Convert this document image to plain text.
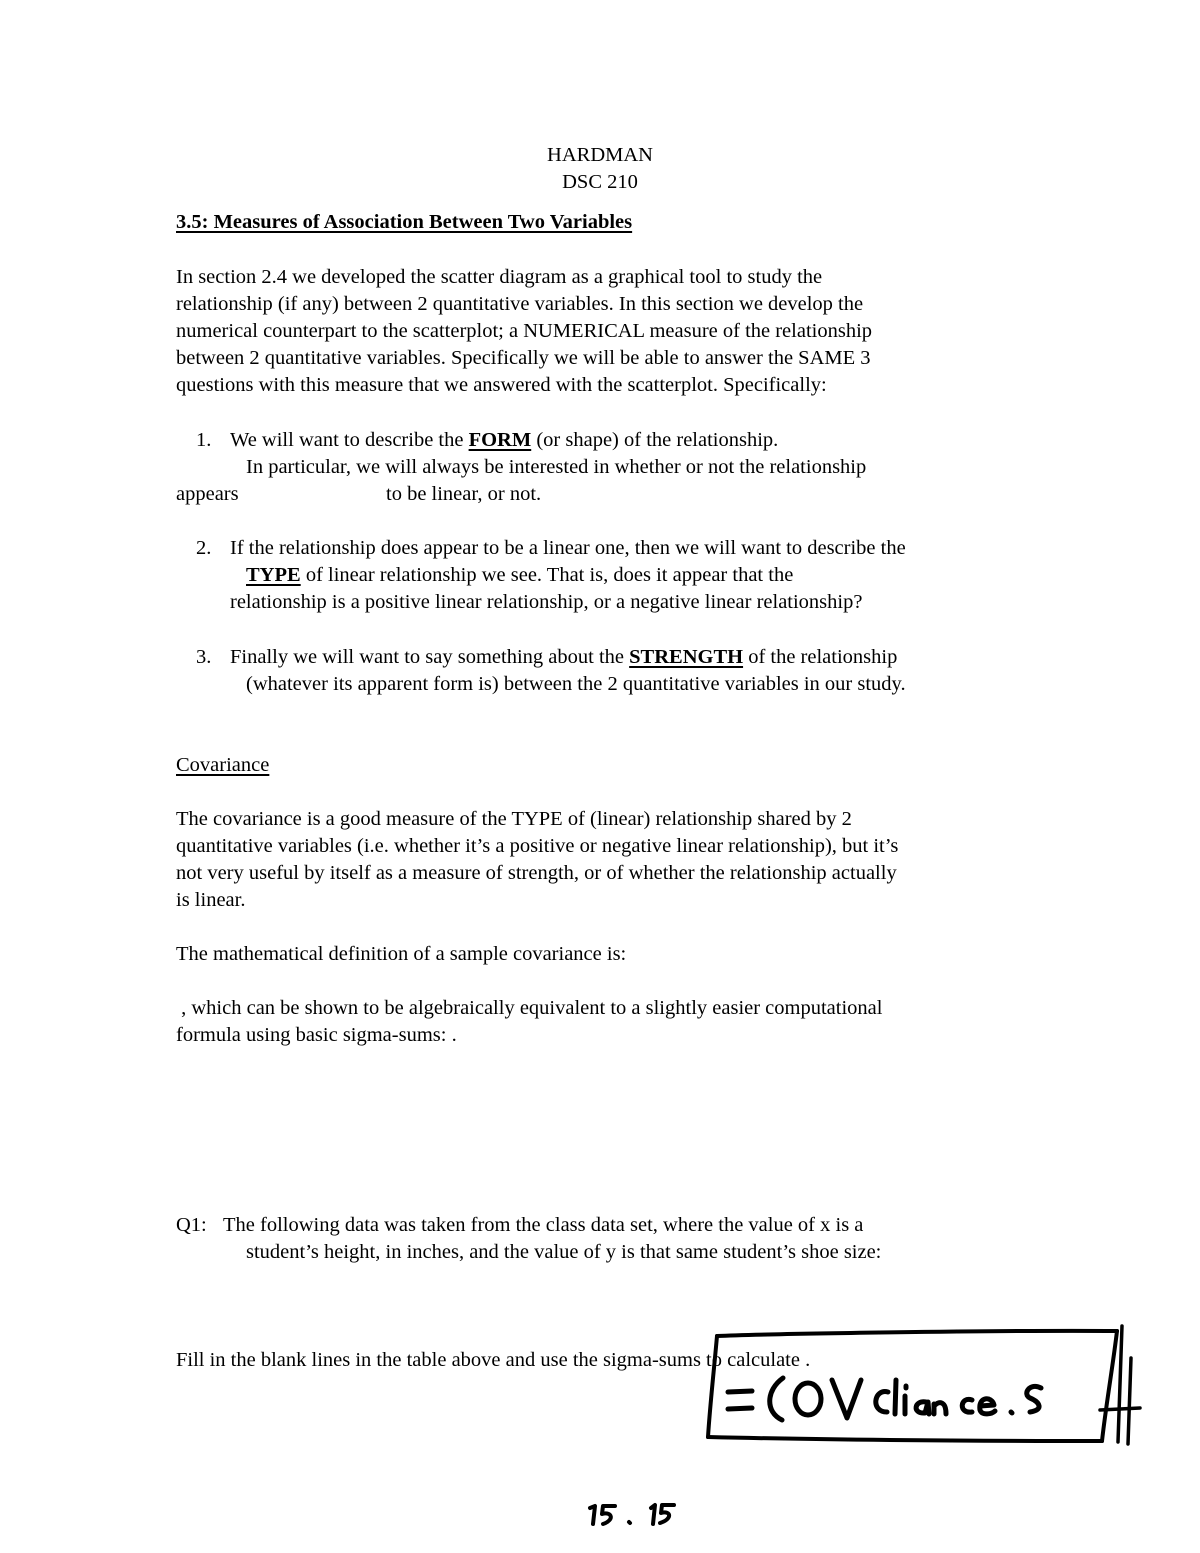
HARDMAN
DSC 210
3.5: Measures of Association Between Two Variables
In section 2.4 we developed the scatter diagram as a graphical tool to study the
relationship (if any) between 2 quantitative variables. In this section we develop the
numerical counterpart to the scatterplot; a NUMERICAL measure of the relationship
between 2 quantitative variables. Specifically we will be able to answer the SAME 3
questions with this measure that we answered with the scatterplot. Specifically:
1. We will want to describe the FORM (or shape) of the relationship.
In particular, we will always be interested in whether or not the relationship
appears	to be linear, or not.
2. If the relationship does appear to be a linear one, then we will want to describe the
TYPE of linear relationship we see. That is, does it appear that the
relationship is a positive linear relationship, or a negative linear relationship?
3. Finally we will want to say something about the STRENGTH of the relationship
(whatever its apparent form is) between the 2 quantitative variables in our study.
Covariance
The covariance is a good measure of the TYPE of (linear) relationship shared by 2
quantitative variables (i.e. whether it’s a positive or negative linear relationship), but it’s
not very useful by itself as a measure of strength, or of whether the relationship actually
is linear.
The mathematical definition of a sample covariance is:
, which can be shown to be algebraically equivalent to a slightly easier computational
formula using basic sigma-sums: .
Q1: The following data was taken from the class data set, where the value of x is a
student’s height, in inches, and the value of y is that same student’s shoe size:
Fill in the blank lines in the table above and use the sigma-sums to calculate .
